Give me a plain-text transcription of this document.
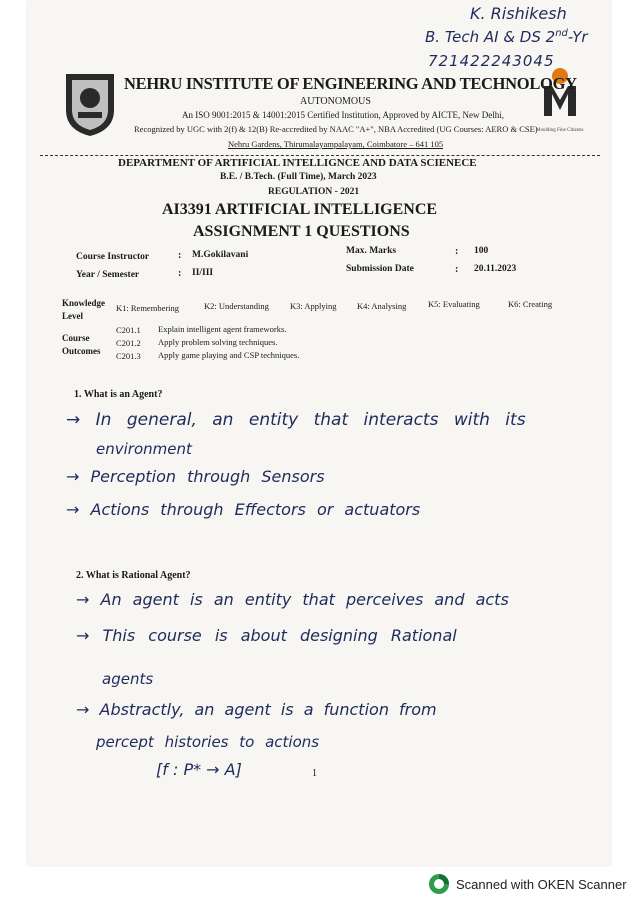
K. Rishikesh
B. Tech AI & DS 2nd-Yr
721422243045
Moulding Fine Citizens
NEHRU INSTITUTE OF ENGINEERING AND TECHNOLOGY
AUTONOMOUS
An ISO 9001:2015 & 14001:2015 Certified Institution, Approved by AICTE, New Delhi,
Recognized by UGC with 2(f) & 12(B) Re-accredited by NAAC "A+", NBA Accredited (UG Courses: AERO & CSE)
Nehru Gardens, Thirumalayampalayam, Coimbatore – 641 105
DEPARTMENT OF ARTIFICIAL INTELLIGNCE AND DATA SCIENECE
B.E. / B.Tech. (Full Time), March 2023
REGULATION - 2021
AI3391 ARTIFICIAL INTELLIGENCE
ASSIGNMENT 1 QUESTIONS
Course Instructor	: M.Gokilavani
Year / Semester	: II/III
Max. Marks	: 100
Submission Date	: 20.11.2023
Knowledge
Level
K1: Remembering	K2: Understanding K3: Applying K4: Analysing	K5: Evaluating	K6: Creating
Course
Outcomes
C201.1 Explain intelligent agent frameworks.
C201.2 Apply problem solving techniques.
C201.3 Apply game playing and CSP techniques.
1. What is an Agent?
→ In general, an entity that interacts with its
environment
→ Perception through Sensors
→ Actions through Effectors or actuators
2. What is Rational Agent?
→ An agent is an entity that perceives and acts
→ This course is about designing Rational
agents
→ Abstractly, an agent is a function from
percept histories to actions
[f : P* → A]	1
Scanned with OKEN Scanner
